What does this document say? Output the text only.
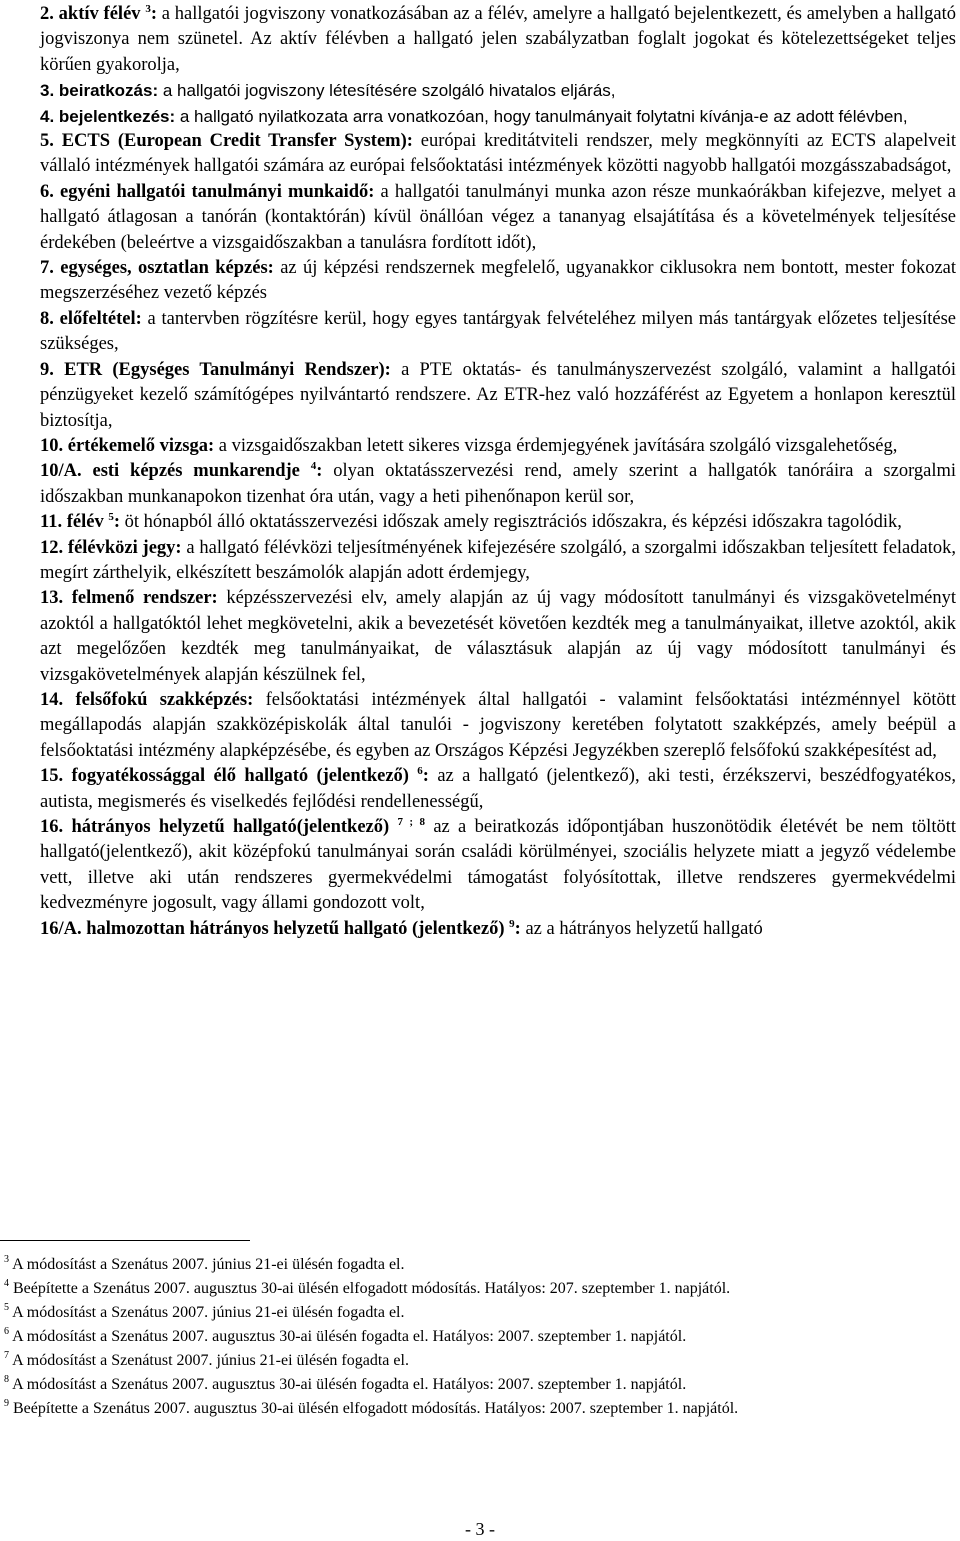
2. aktív félév $^3$: a hallgatói jogviszony vonatkozásában az a félév, amelyre a hallgató bejelentkezett, és amelyben a hallgató jogviszonya nem szünetel. Az aktív félévben a hallgató jelen szabályzatban foglalt jogokat és kötelezettségeket teljes körűen gyakorolja,
3. beiratkozás: a hallgatói jogviszony létesítésére szolgáló hivatalos eljárás,
4. bejelentkezés: a hallgató nyilatkozata arra vonatkozóan, hogy tanulmányait folytatni kívánja-e az adott félévben,
5. ECTS (European Credit Transfer System): európai kreditátviteli rendszer, mely megkönnyíti az ECTS alapelveit vállaló intézmények hallgatói számára az európai felsőoktatási intézmények közötti nagyobb hallgatói mozgásszabadságot,
6. egyéni hallgatói tanulmányi munkaidő: a hallgatói tanulmányi munka azon része munkaórákban kifejezve, melyet a hallgató átlagosan a tanórán (kontaktórán) kívül önállóan végez a tananyag elsajátítása és a követelmények teljesítése érdekében (beleértve a vizsgaidőszakban a tanulásra fordított időt),
7. egységes, osztatlan képzés: az új képzési rendszernek megfelelő, ugyanakkor ciklusokra nem bontott, mester fokozat megszerzéséhez vezető képzés
8. előfeltétel: a tantervben rögzítésre kerül, hogy egyes tantárgyak felvételéhez milyen más tantárgyak előzetes teljesítése szükséges,
9. ETR (Egységes Tanulmányi Rendszer): a PTE oktatás- és tanulmányszervezést szolgáló, valamint a hallgatói pénzügyeket kezelő számítógépes nyilvántartó rendszere. Az ETR-hez való hozzáférést az Egyetem a honlapon keresztül biztosítja,
10. értékemelő vizsga: a vizsgaidőszakban letett sikeres vizsga érdemjegyének javítására szolgáló vizsgalehetőség,
10/A. esti képzés munkarendje $^4$: olyan oktatásszervezési rend, amely szerint a hallgatók tanóráira a szorgalmi időszakban munkanapokon tizenhat óra után, vagy a heti pihenőnapon kerül sor,
11. félév $^5$: öt hónapból álló oktatásszervezési időszak amely regisztrációs időszakra, és képzési időszakra tagolódik,
12. félévközi jegy: a hallgató félévközi teljesítményének kifejezésére szolgáló, a szorgalmi időszakban teljesített feladatok, megírt zárthelyik, elkészített beszámolók alapján adott érdemjegy,
13. felmenő rendszer: képzésszervezési elv, amely alapján az új vagy módosított tanulmányi és vizsgakövetelményt azoktól a hallgatóktól lehet megkövetelni, akik a bevezetését követően kezdték meg a tanulmányaikat, illetve azoktól, akik azt megelőzően kezdték meg tanulmányaikat, de választásuk alapján az új vagy módosított tanulmányi és vizsgakövetelmények alapján készülnek fel,
14. felsőfokú szakképzés: felsőoktatási intézmények által hallgatói - valamint felsőoktatási intézménnyel kötött megállapodás alapján szakközépiskolák által tanulói - jogviszony keretében folytatott szakképzés, amely beépül a felsőoktatási intézmény alapképzésébe, és egyben az Országos Képzési Jegyzékben szereplő felsőfokú szakképesítést ad,
15. fogyatékossággal élő hallgató (jelentkező) $^6$: az a hallgató (jelentkező), aki testi, érzékszervi, beszédfogyatékos, autista, megismerés és viselkedés fejlődési rendellenességű,
16. hátrányos helyzetű hallgató(jelentkező) $^{7 ; 8}$ az a beiratkozás időpontjában huszonötödik életévét be nem töltött hallgató(jelentkező), akit középfokú tanulmányai során családi körülményei, szociális helyzete miatt a jegyző védelembe vett, illetve aki után rendszeres gyermekvédelmi támogatást folyósítottak, illetve rendszeres gyermekvédelmi kedvezményre jogosult, vagy állami gondozott volt,
16/A. halmozottan hátrányos helyzetű hallgató (jelentkező) $^9$: az a hátrányos helyzetű hallgató
$^3$ A módosítást a Szenátus 2007. június 21-ei ülésén fogadta el.
$^4$ Beépítette a Szenátus 2007. augusztus 30-ai ülésén elfogadott módosítás. Hatályos: 207. szeptember 1. napjától.
$^5$ A módosítást a Szenátus 2007. június 21-ei ülésén fogadta el.
$^6$ A módosítást a Szenátus 2007. augusztus 30-ai ülésén fogadta el. Hatályos: 2007. szeptember 1. napjától.
$^7$ A módosítást a Szenátust 2007. június 21-ei ülésén fogadta el.
$^8$ A módosítást a Szenátus 2007. augusztus 30-ai ülésén fogadta el. Hatályos: 2007. szeptember 1. napjától.
$^9$ Beépítette a Szenátus 2007. augusztus 30-ai ülésén elfogadott módosítás. Hatályos: 2007. szeptember 1. napjától.
- 3 -
